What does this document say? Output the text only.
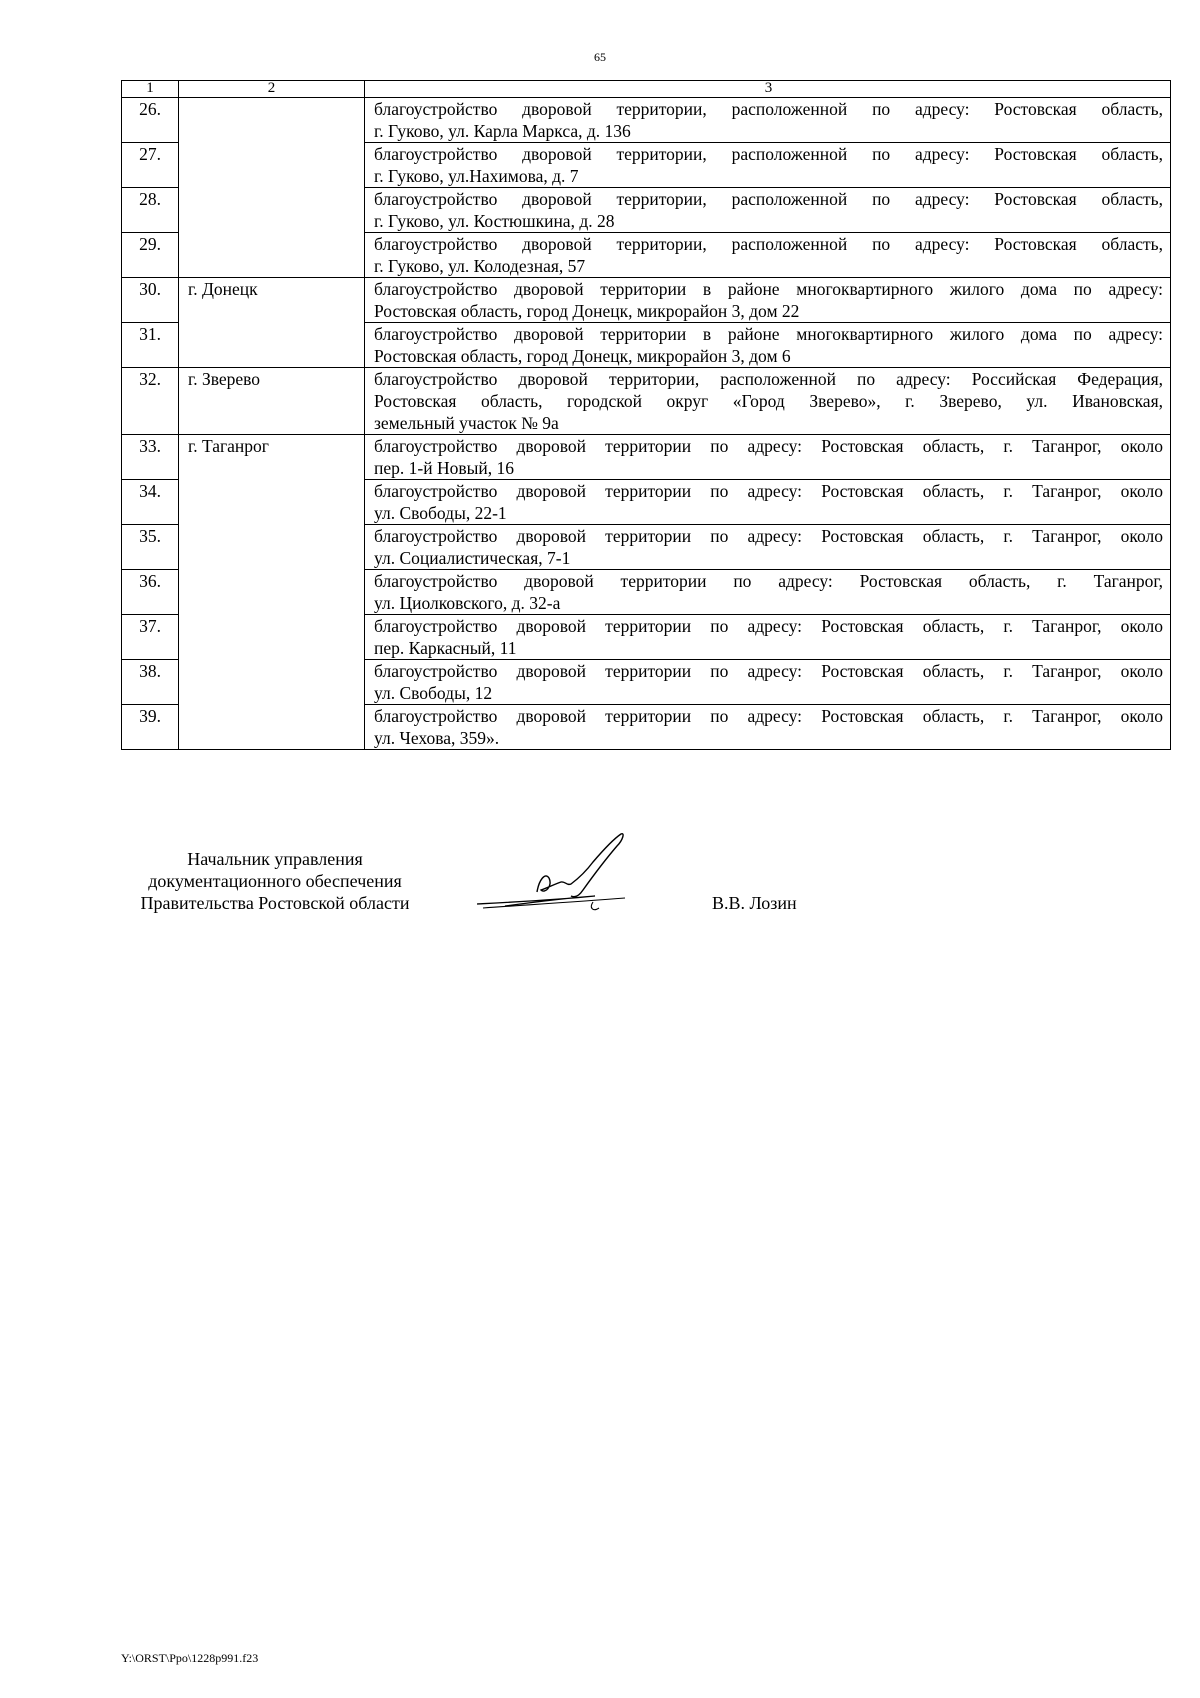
65
1	2	3
26.		благоустройство дворовой территории, расположенной по адресу: Ростовская область,
г. Гуково, ул. Карла Маркса, д. 136

27.		благоустройство дворовой территории, расположенной по адресу: Ростовская область,
г. Гуково, ул.Нахимова, д. 7

28.		благоустройство дворовой территории, расположенной по адресу: Ростовская область,
г. Гуково, ул. Костюшкина, д. 28

29.		благоустройство дворовой территории, расположенной по адресу: Ростовская область,
г. Гуково, ул. Колодезная, 57

30.	г. Донецк	благоустройство дворовой территории в районе многоквартирного жилого дома по адресу:
Ростовская область, город Донецк, микрорайон 3, дом 22

31.		благоустройство дворовой территории в районе многоквартирного жилого дома по адресу:
Ростовская область, город Донецк, микрорайон 3, дом 6

32.	г. Зверево	благоустройство дворовой территории, расположенной по адресу: Российская Федерация,
Ростовская область, городской округ «Город Зверево», г. Зверево, ул. Ивановская,
земельный участок № 9а

33.	г. Таганрог	благоустройство дворовой территории по адресу: Ростовская область, г. Таганрог, около
пер. 1-й Новый, 16

34.		благоустройство дворовой территории по адресу: Ростовская область, г. Таганрог, около
ул. Свободы, 22-1

35.		благоустройство дворовой территории по адресу: Ростовская область, г. Таганрог, около
ул. Социалистическая, 7-1

36.		благоустройство дворовой территории по адресу: Ростовская область, г. Таганрог,
ул. Циолковского, д. 32-а

37.		благоустройство дворовой территории по адресу: Ростовская область, г. Таганрог, около
пер. Каркасный, 11

38.		благоустройство дворовой территории по адресу: Ростовская область, г. Таганрог, около
ул. Свободы, 12

39.		благоустройство дворовой территории по адресу: Ростовская область, г. Таганрог, около
ул. Чехова, 359».
Начальник управления
документационного обеспечения
Правительства Ростовской области	В.В. Лозин
Y:\ORST\Ppo\1228p991.f23
